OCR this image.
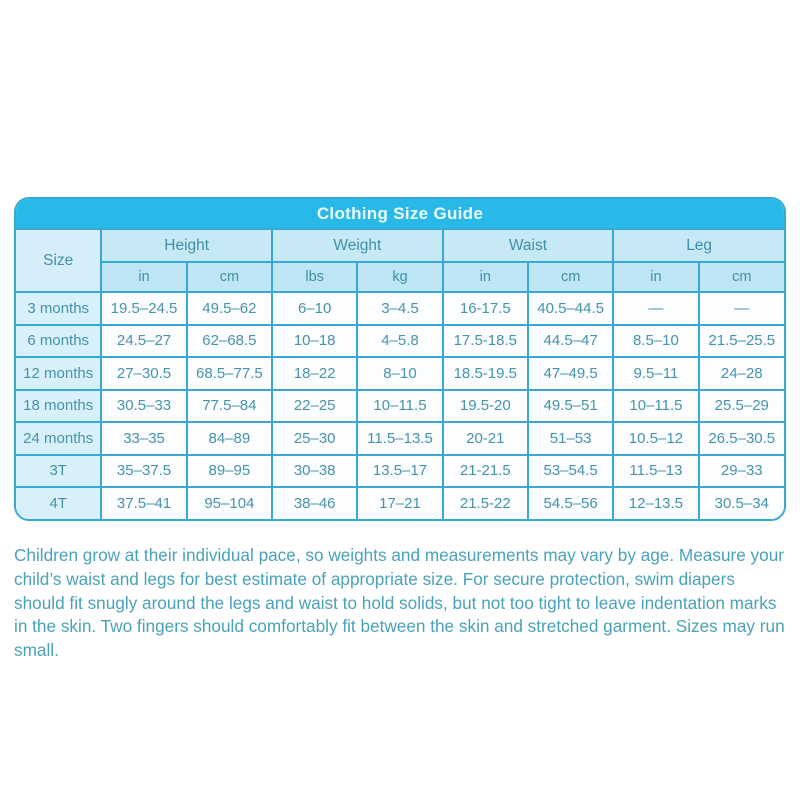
Clothing Size Guide
Size	Height		Weight		Waist		Leg	
	in	cm	lbs	kg	in	cm	in	cm
3 months	19.5–24.5	49.5–62	6–10	3–4.5	16-17.5	40.5–44.5	—	—
6 months	24.5–27	62–68.5	10–18	4–5.8	17.5-18.5	44.5–47	8.5–10	21.5–25.5
12 months	27–30.5	68.5–77.5	18–22	8–10	18.5-19.5	47–49.5	9.5–11	24–28
18 months	30.5–33	77.5–84	22–25	10–11.5	19.5-20	49.5–51	10–11.5	25.5–29
24 months	33–35	84–89	25–30	11.5–13.5	20-21	51–53	10.5–12	26.5–30.5
3T	35–37.5	89–95	30–38	13.5–17	21-21.5	53–54.5	11.5–13	29–33
4T	37.5–41	95–104	38–46	17–21	21.5-22	54.5–56	12–13.5	30.5–34

Children grow at their individual pace, so weights and measurements may vary by age. Measure your child’s waist and legs for best estimate of appropriate size. For secure protection, swim diapers should fit snugly around the legs and waist to hold solids, but not too tight to leave indentation marks in the skin. Two fingers should comfortably fit between the skin and stretched garment. Sizes may run small.
